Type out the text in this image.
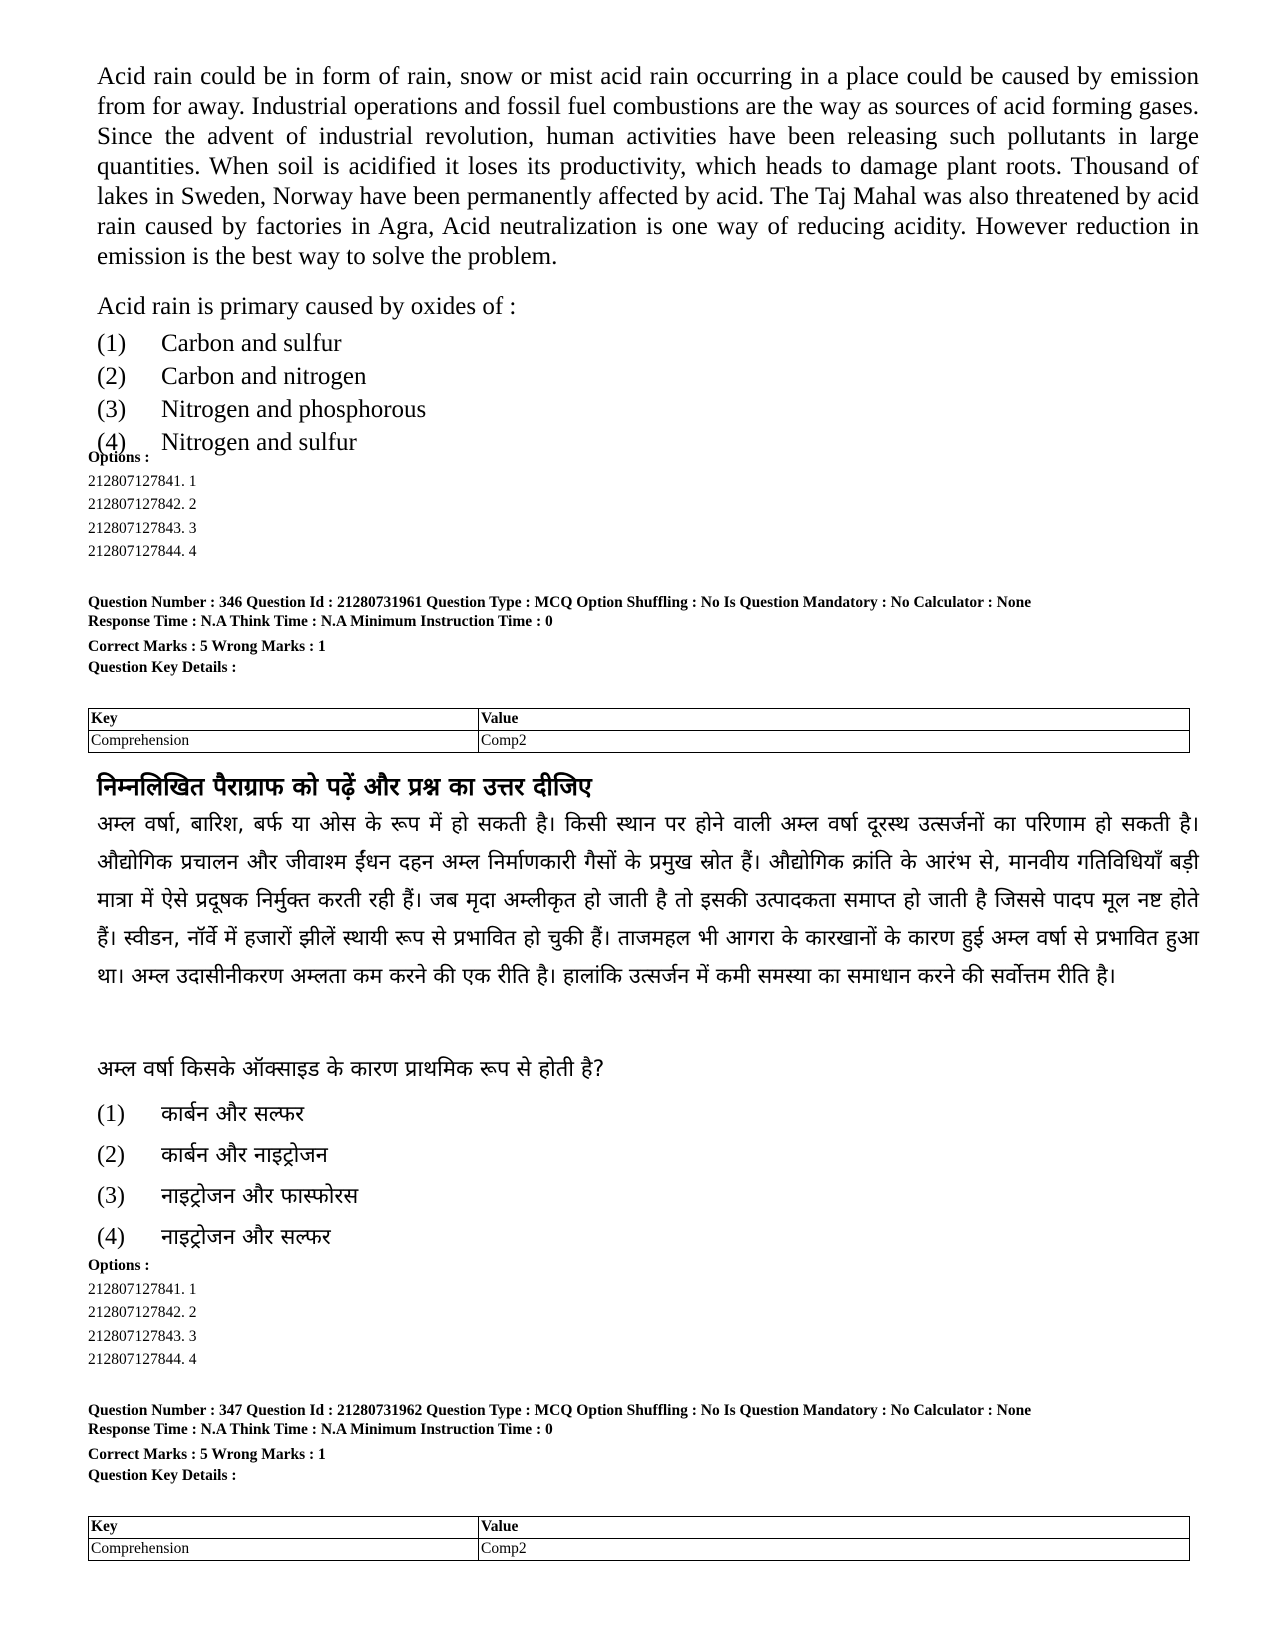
Acid rain could be in form of rain, snow or mist acid rain occurring in a place could be caused by emission from for away. Industrial operations and fossil fuel combustions are the way as sources of acid forming gases. Since the advent of industrial revolution, human activities have been releasing such pollutants in large quantities. When soil is acidified it loses its productivity, which heads to damage plant roots. Thousand of lakes in Sweden, Norway have been permanently affected by acid. The Taj Mahal was also threatened by acid rain caused by factories in Agra, Acid neutralization is one way of reducing acidity. However reduction in emission is the best way to solve the problem.

Acid rain is primary caused by oxides of :
(1) Carbon and sulfur
(2) Carbon and nitrogen
(3) Nitrogen and phosphorous
(4) Nitrogen and sulfur
Options :
212807127841. 1
212807127842. 2
212807127843. 3
212807127844. 4
Question Number : 346 Question Id : 21280731961 Question Type : MCQ Option Shuffling : No Is Question Mandatory : No Calculator : None
Response Time : N.A Think Time : N.A Minimum Instruction Time : 0
Correct Marks : 5 Wrong Marks : 1
Question Key Details :
Key	Value
Comprehension	Comp2
निम्नलिखित पैराग्राफ को पढ़ें और प्रश्न का उत्तर दीजिए

अम्ल वर्षा, बारिश, बर्फ या ओस के रूप में हो सकती है। किसी स्थान पर होने वाली अम्ल वर्षा दूरस्थ उत्सर्जनों का परिणाम हो सकती है। औद्योगिक प्रचालन और जीवाश्म ईंधन दहन अम्ल निर्माणकारी गैसों के प्रमुख स्रोत हैं। औद्योगिक क्रांति के आरंभ से, मानवीय गतिविधियाँ बड़ी मात्रा में ऐसे प्रदूषक निर्मुक्त करती रही हैं। जब मृदा अम्लीकृत हो जाती है तो इसकी उत्पादकता समाप्त हो जाती है जिससे पादप मूल नष्ट होते हैं। स्वीडन, नॉर्वे में हजारों झीलें स्थायी रूप से प्रभावित हो चुकी हैं। ताजमहल भी आगरा के कारखानों के कारण हुई अम्ल वर्षा से प्रभावित हुआ था। अम्ल उदासीनीकरण अम्लता कम करने की एक रीति है। हालांकि उत्सर्जन में कमी समस्या का समाधान करने की सर्वोत्तम रीति है।

अम्ल वर्षा किसके ऑक्साइड के कारण प्राथमिक रूप से होती है?
(1) कार्बन और सल्फर
(2) कार्बन और नाइट्रोजन
(3) नाइट्रोजन और फास्फोरस
(4) नाइट्रोजन और सल्फर
Options :
212807127841. 1
212807127842. 2
212807127843. 3
212807127844. 4
Question Number : 347 Question Id : 21280731962 Question Type : MCQ Option Shuffling : No Is Question Mandatory : No Calculator : None
Response Time : N.A Think Time : N.A Minimum Instruction Time : 0
Correct Marks : 5 Wrong Marks : 1
Question Key Details :
Key	Value
Comprehension	Comp2
